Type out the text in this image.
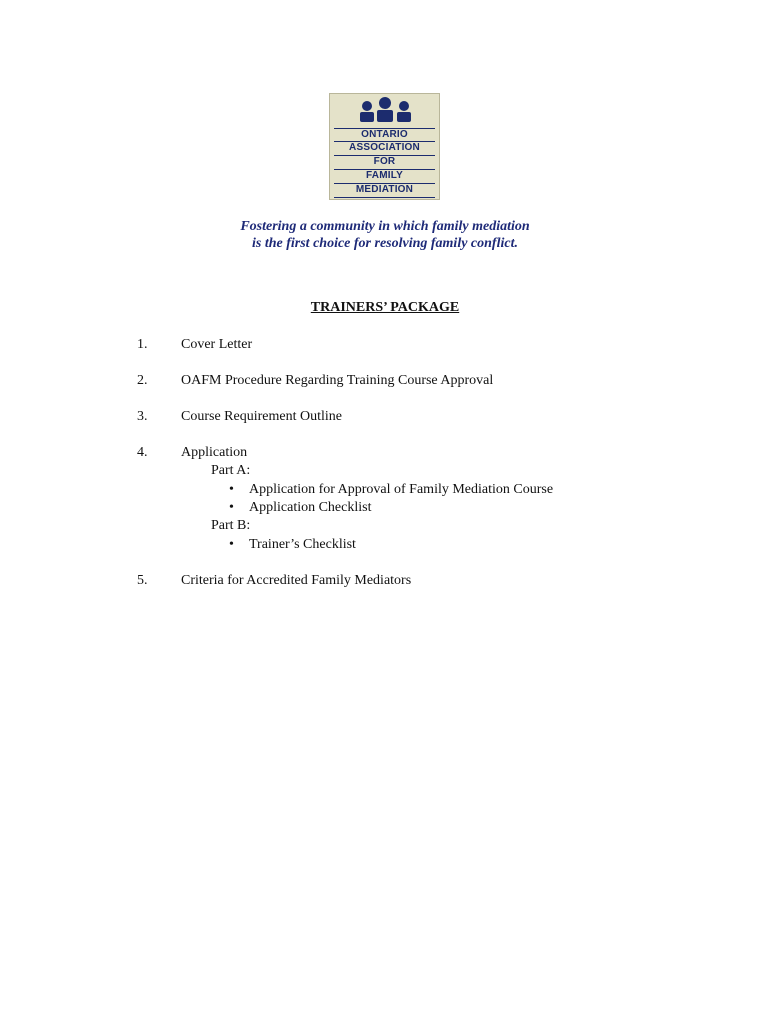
ONTARIO
ASSOCIATION
FOR
FAMILY
MEDIATION
Fostering a community in which family mediation
is the first choice for resolving family conflict.
TRAINERS’ PACKAGE
1. Cover Letter
2. OAFM Procedure Regarding Training Course Approval
3. Course Requirement Outline
4. Application
Part A:
• Application for Approval of Family Mediation Course
• Application Checklist
Part B:
• Trainer’s Checklist
5. Criteria for Accredited Family Mediators
